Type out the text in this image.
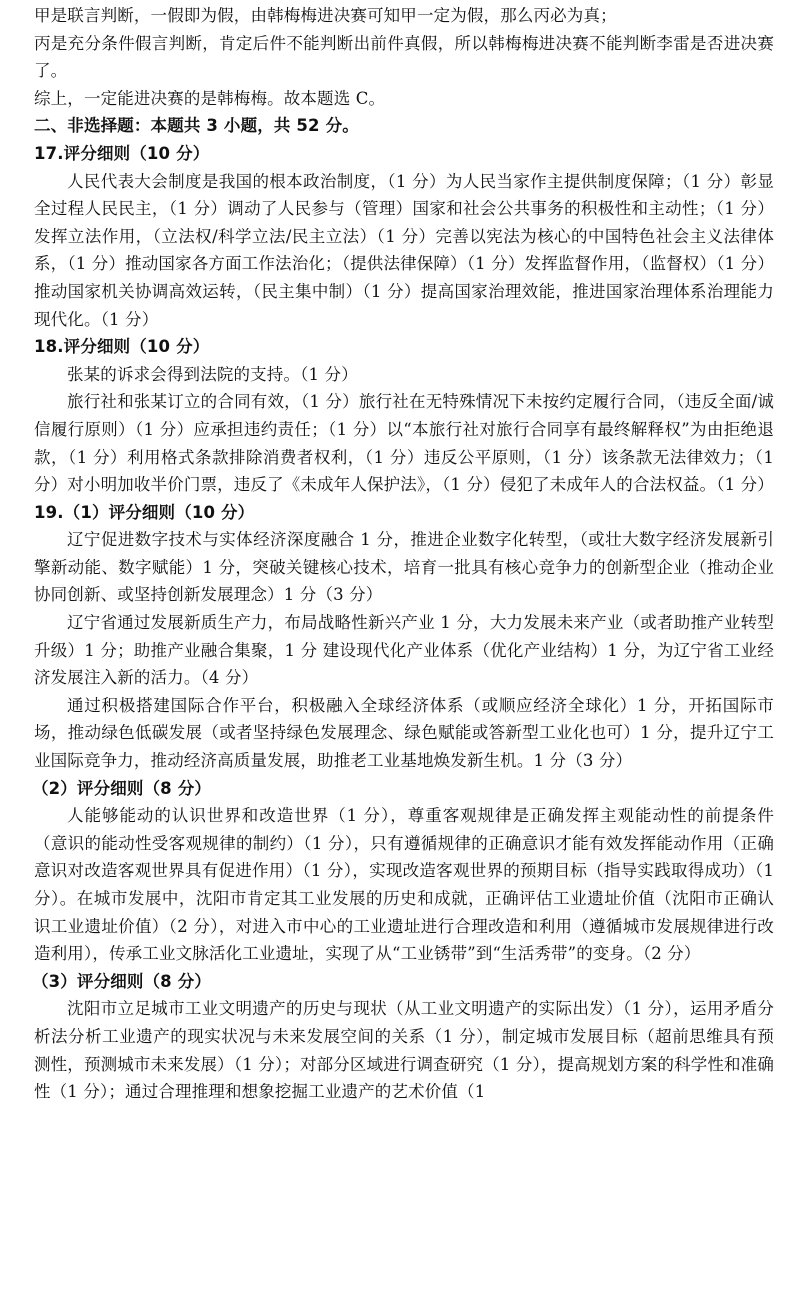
甲是联言判断，一假即为假，由韩梅梅进决赛可知甲一定为假，那么丙必为真；

丙是充分条件假言判断，肯定后件不能判断出前件真假，所以韩梅梅进决赛不能判断李雷是否进决赛了。

综上，一定能进决赛的是韩梅梅。故本题选 C。

二、非选择题：本题共 3 小题，共 52 分。

17.评分细则（10 分）

人民代表大会制度是我国的根本政治制度，（1 分）为人民当家作主提供制度保障；（1 分）彰显全过程人民民主，（1 分）调动了人民参与（管理）国家和社会公共事务的积极性和主动性；（1 分）发挥立法作用，（立法权/科学立法/民主立法）（1 分）完善以宪法为核心的中国特色社会主义法律体系，（1 分）推动国家各方面工作法治化；（提供法律保障）（1 分）发挥监督作用，（监督权）（1 分）推动国家机关协调高效运转，（民主集中制）（1 分）提高国家治理效能，推进国家治理体系治理能力现代化。（1 分）

18.评分细则（10 分）

张某的诉求会得到法院的支持。（1 分）

旅行社和张某订立的合同有效，（1 分）旅行社在无特殊情况下未按约定履行合同，（违反全面/诚信履行原则）（1 分）应承担违约责任；（1 分）以“本旅行社对旅行合同享有最终解释权”为由拒绝退款，（1 分）利用格式条款排除消费者权利，（1 分）违反公平原则，（1 分）该条款无法律效力；（1 分）对小明加收半价门票，违反了《未成年人保护法》，（1 分）侵犯了未成年人的合法权益。（1 分）

19.（1）评分细则（10 分）

辽宁促进数字技术与实体经济深度融合 1 分，推进企业数字化转型，（或壮大数字经济发展新引擎新动能、数字赋能）1 分，突破关键核心技术，培育一批具有核心竞争力的创新型企业（推动企业协同创新、或坚持创新发展理念）1 分（3 分）

辽宁省通过发展新质生产力，布局战略性新兴产业 1 分，大力发展未来产业（或者助推产业转型升级）1 分；助推产业融合集聚，1 分 建设现代化产业体系（优化产业结构）1 分，为辽宁省工业经济发展注入新的活力。（4 分）

通过积极搭建国际合作平台，积极融入全球经济体系（或顺应经济全球化）1 分，开拓国际市场，推动绿色低碳发展（或者坚持绿色发展理念、绿色赋能或答新型工业化也可）1 分，提升辽宁工业国际竞争力，推动经济高质量发展，助推老工业基地焕发新生机。1 分（3 分）

（2）评分细则（8 分）

人能够能动的认识世界和改造世界（1 分），尊重客观规律是正确发挥主观能动性的前提条件（意识的能动性受客观规律的制约）（1 分），只有遵循规律的正确意识才能有效发挥能动作用（正确意识对改造客观世界具有促进作用）（1 分），实现改造客观世界的预期目标（指导实践取得成功）（1 分）。在城市发展中，沈阳市肯定其工业发展的历史和成就，正确评估工业遗址价值（沈阳市正确认识工业遗址价值）（2 分），对进入市中心的工业遗址进行合理改造和利用（遵循城市发展规律进行改造利用），传承工业文脉活化工业遗址，实现了从“工业锈带”到“生活秀带”的变身。（2 分）

（3）评分细则（8 分）

沈阳市立足城市工业文明遗产的历史与现状（从工业文明遗产的实际出发）（1 分），运用矛盾分析法分析工业遗产的现实状况与未来发展空间的关系（1 分），制定城市发展目标（超前思维具有预测性，预测城市未来发展）（1 分）；对部分区域进行调查研究（1 分），提高规划方案的科学性和准确性（1 分）；通过合理推理和想象挖掘工业遗产的艺术价值（1
